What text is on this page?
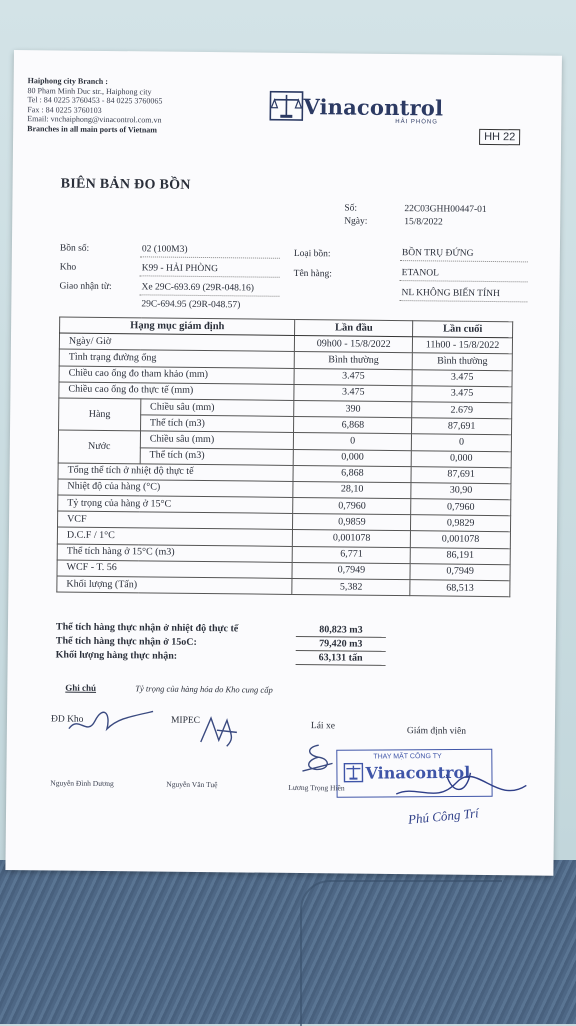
Haiphong city Branch :
80 Pham Minh Duc str., Haiphong city
Tel : 84 0225 3760453 - 84 0225 3760065
Fax : 84 0225 3760103
Email: vnchaiphong@vinacontrol.com.vn
Branches in all main ports of Vietnam
Vinacontrol
HẢI PHÒNG
HH 22
BIÊN BẢN ĐO BỒN
Số:	22C03GHH00447-01
Ngày:	15/8/2022
Bồn số:	02 (100M3)
Kho	K99 - HẢI PHÒNG
Giao nhận từ:	Xe 29C-693.69 (29R-048.16)
29C-694.95 (29R-048.57)
Loại bồn:	BỒN TRỤ ĐỨNG
Tên hàng:	ETANOL
NL KHÔNG BIẾN TÍNH
Hạng mục giám định		Lần đầu	Lần cuối
Ngày/ Giờ		09h00 - 15/8/2022	11h00 - 15/8/2022
Tình trạng đường ống		Bình thường	Bình thường
Chiều cao ống đo tham khảo (mm)		3.475	3.475
Chiều cao ống đo thực tế (mm)		3.475	3.475
Hàng	Chiều sâu (mm)	390	2.679
	Thể tích (m3)	6,868	87,691
Nước	Chiều sâu (mm)	0	0
	Thể tích (m3)	0,000	0,000
Tổng thể tích ở nhiệt độ thực tế		6,868	87,691
Nhiệt độ của hàng (°C)		28,10	30,90
Tỷ trọng của hàng ở 15°C		0,7960	0,7960
VCF		0,9859	0,9829
D.C.F / 1°C		0,001078	0,001078
Thể tích hàng ở 15°C (m3)		6,771	86,191
WCF - T. 56		0,7949	0,7949
Khối lượng (Tấn)		5,382	68,513
Thể tích hàng thực nhận ở nhiệt độ thực tế	80,823 m3
Thể tích hàng thực nhận ở 15oC:	79,420 m3
Khối lượng hàng thực nhận:	63,131 tấn
Ghi chú	Tỷ trọng của hàng hóa do Kho cung cấp
ĐD Kho	MIPEC
Lái xe	Giám định viên
THAY MẶT CÔNG TY
Vinacontrol
Phú Công Trí
Nguyễn Đình Dương	Nguyễn Văn Tuệ	Lương Trọng Hiền
